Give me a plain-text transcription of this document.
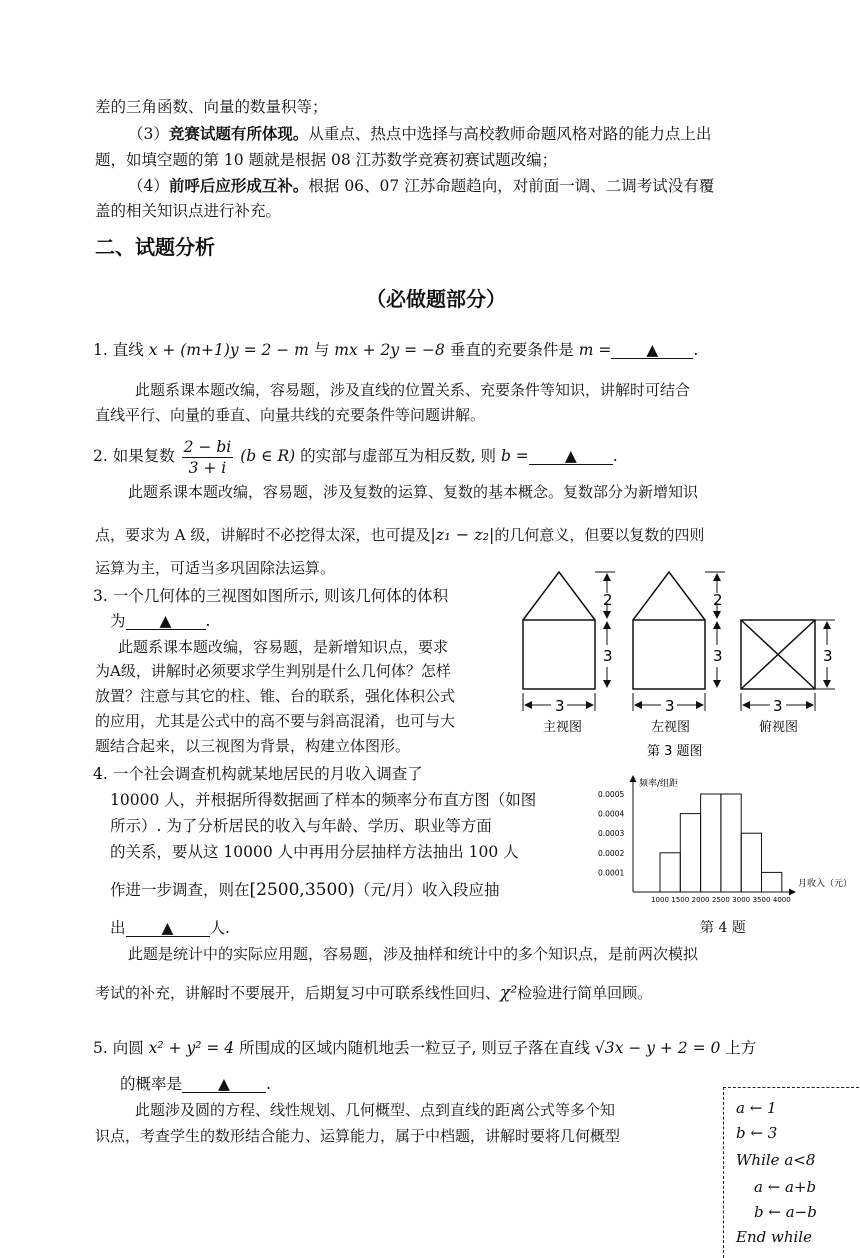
差的三角函数、向量的数量积等；
（3）竞赛试题有所体现。从重点、热点中选择与高校教师命题风格对路的能力点上出
题，如填空题的第 10 题就是根据 08 江苏数学竞赛初赛试题改编；
（4）前呼后应形成互补。根据 06、07 江苏命题趋向，对前面一调、二调考试没有覆
盖的相关知识点进行补充。
二、试题分析
（必做题部分）
1. 直线 x + (m+1)y = 2 − m 与 mx + 2y = −8 垂直的充要条件是 m = ▲ .
此题系课本题改编，容易题，涉及直线的位置关系、充要条件等知识，讲解时可结合
直线平行、向量的垂直、向量共线的充要条件等问题讲解。
2. 如果复数 $\frac{2 - bi}{3 + i} (b$ ∈ R) 的实部与虚部互为相反数, 则 b = ▲ .
此题系课本题改编，容易题，涉及复数的运算、复数的基本概念。复数部分为新增知识
点，要求为 A 级，讲解时不必挖得太深，也可提及|z₁ − z₂|的几何意义，但要以复数的四则
运算为主，可适当多巩固除法运算。
3. 一个几何体的三视图如图所示, 则该几何体的体积
为 ▲ .
此题系课本题改编，容易题，是新增知识点，要求
为A级，讲解时必须要求学生判别是什么几何体？怎样
放置？注意与其它的柱、锥、台的联系，强化体积公式
的应用，尤其是公式中的高不要与斜高混淆，也可与大
题结合起来，以三视图为背景，构建立体图形。
2
3
3
2
3
3
3
3
主视图	左视图	俯视图
第 3 题图
4. 一个社会调查机构就某地居民的月收入调查了
10000 人，并根据所得数据画了样本的频率分布直方图（如图
所示）. 为了分析居民的收入与年龄、学历、职业等方面
的关系，要从这 10000 人中再用分层抽样方法抽出 100 人
作进一步调查，则在[2500,3500)（元/月）收入段应抽
出 ▲ 人.
此题是统计中的实际应用题，容易题，涉及抽样和统计中的多个知识点，是前两次模拟
考试的补充，讲解时不要展开，后期复习中可联系线性回归、χ²检验进行简单回顾。
频率/组距
月收入（元）
0.0001
0.0002
0.0003
0.0004
0.0005
1000 1500 2000 2500 3000 3500 4000
第 4 题
5. 向圆 x² + y² = 4 所围成的区域内随机地丢一粒豆子, 则豆子落在直线 √3x − y + 2 = 0 上方
的概率是 ▲ .
此题涉及圆的方程、线性规划、几何概型、点到直线的距离公式等多个知
识点，考查学生的数形结合能力、运算能力，属于中档题，讲解时要将几何概型
a ← 1
b ← 3
While a<8
a ← a+b
b ← a−b
End while
